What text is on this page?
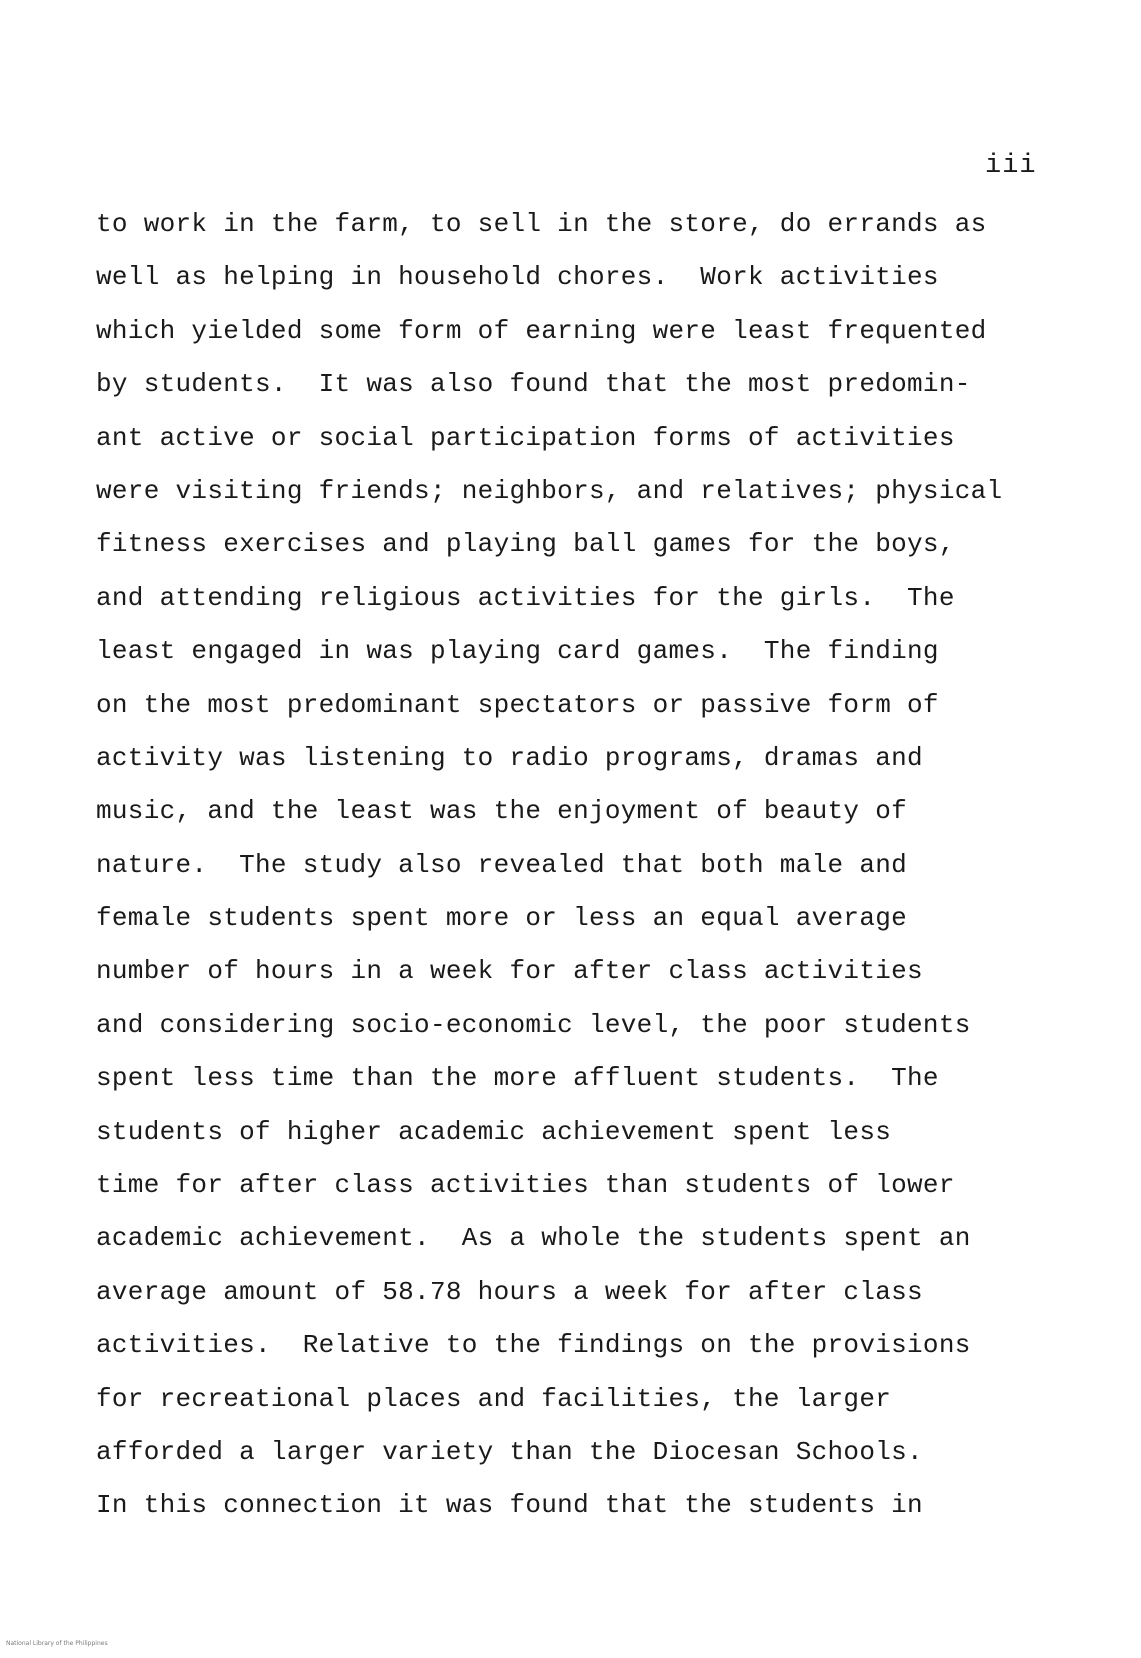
iii
to work in the farm, to sell in the store, do errands as
well as helping in household chores.  Work activities
which yielded some form of earning were least frequented
by students.  It was also found that the most predomin-
ant active or social participation forms of activities
were visiting friends; neighbors, and relatives; physical
fitness exercises and playing ball games for the boys,
and attending religious activities for the girls.  The
least engaged in was playing card games.  The finding
on the most predominant spectators or passive form of
activity was listening to radio programs, dramas and
music, and the least was the enjoyment of beauty of
nature.  The study also revealed that both male and
female students spent more or less an equal average
number of hours in a week for after class activities
and considering socio-economic level, the poor students
spent less time than the more affluent students.  The
students of higher academic achievement spent less
time for after class activities than students of lower
academic achievement.  As a whole the students spent an
average amount of 58.78 hours a week for after class
activities.  Relative to the findings on the provisions
for recreational places and facilities, the larger
afforded a larger variety than the Diocesan Schools.
In this connection it was found that the students in
National Library of the Philippines
